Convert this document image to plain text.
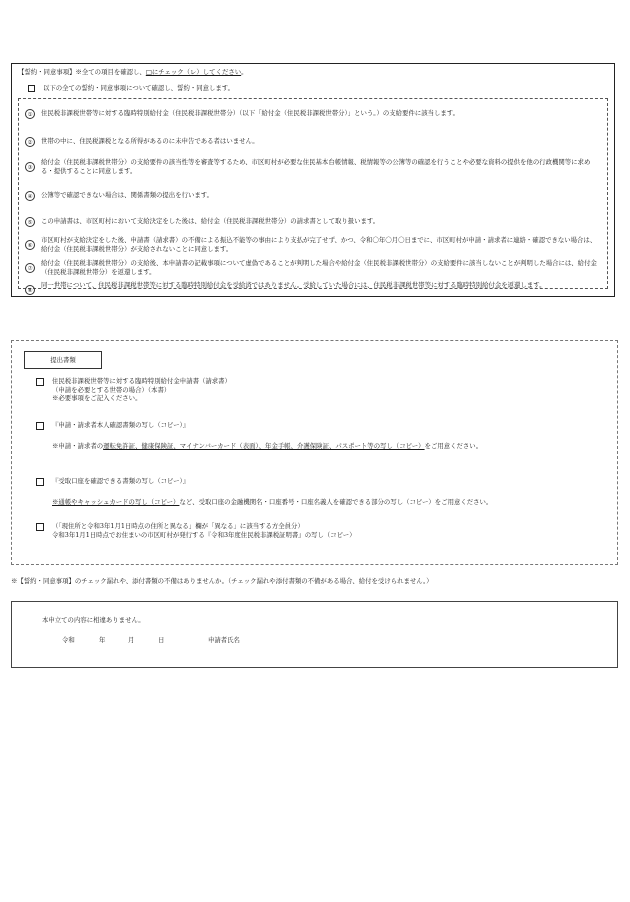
【誓約・同意事項】※全ての項目を確認し、□にチェック（レ）してください。
以下の全ての誓約・同意事項について確認し、誓約・同意します。
①	住民税非課税世帯等に対する臨時特別給付金（住民税非課税世帯分）（以下「給付金（住民税非課税世帯分）」という。）の支給要件に該当します。
②	世帯の中に、住民税課税となる所得があるのに未申告である者はいません。
③
給付金（住民税非課税世帯分）の支給要件の該当性等を審査等するため、市区町村が必要な住民基本台帳情報、税情報等の公簿等の確認を行うことや必要な資料の提供を他の行政機関等に求める・提供することに同意します。
④	公簿等で確認できない場合は、関係書類の提出を行います。
⑤	この申請書は、市区町村において支給決定をした後は、給付金（住民税非課税世帯分）の請求書として取り扱います。
⑥
市区町村が支給決定をした後、申請書（請求書）の不備による振込不能等の事由により支払が完了せず、かつ、令和〇年〇月〇日までに、市区町村が申請・請求者に連絡・確認できない場合は、給付金（住民税非課税世帯分）が支給されないことに同意します。
⑦
給付金（住民税非課税世帯分）の支給後、本申請書の記載事項について虚偽であることが判明した場合や給付金（住民税非課税世帯分）の支給要件に該当しないことが判明した場合には、給付金（住民税非課税世帯分）を返還します。
⑧
同一世帯について、住民税非課税世帯等に対する臨時特別給付金を受給済ではありません。受給していた場合には、住民税非課税世帯等に対する臨時特別給付金を返還します。
提出書類
住民税非課税世帯等に対する臨時特別給付金申請書（請求書）
（申請を必要とする世帯の場合）（本書）
※必要事項をご記入ください。
『申請・請求者本人確認書類の写し（コピー）』
※申請・請求者の運転免許証、健康保険証、マイナンバーカード（表面）、年金手帳、介護保険証、パスポート等の写し（コピー）をご用意ください。
『受取口座を確認できる書類の写し（コピー）』
※通帳やキャッシュカードの写し（コピー）など、受取口座の金融機関名・口座番号・口座名義人を確認できる部分の写し（コピー）をご用意ください。
（「現住所と令和3年1月1日時点の住所と異なる」欄が「異なる」に該当する方全員分）
令和3年1月1日時点でお住まいの市区町村が発行する『令和3年度住民税非課税証明書』の写し（コピー）
※【誓約・同意事項】のチェック漏れや、添付書類の不備はありませんか。（チェック漏れや添付書類の不備がある場合、給付を受けられません。）
本申立ての内容に相違ありません。
令和	年	月	日	申請者氏名
